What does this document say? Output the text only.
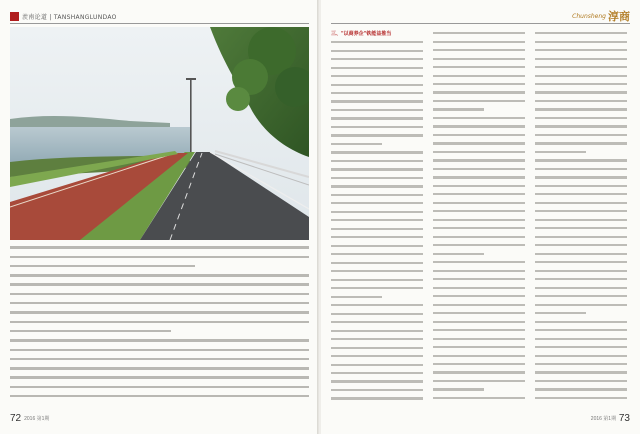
羨南论道 | TANSHANGLUNDAO
72 2016 第1期
Chunsheng 淳商
三、"以商养企"铁能益推当
2016 第1期 73
